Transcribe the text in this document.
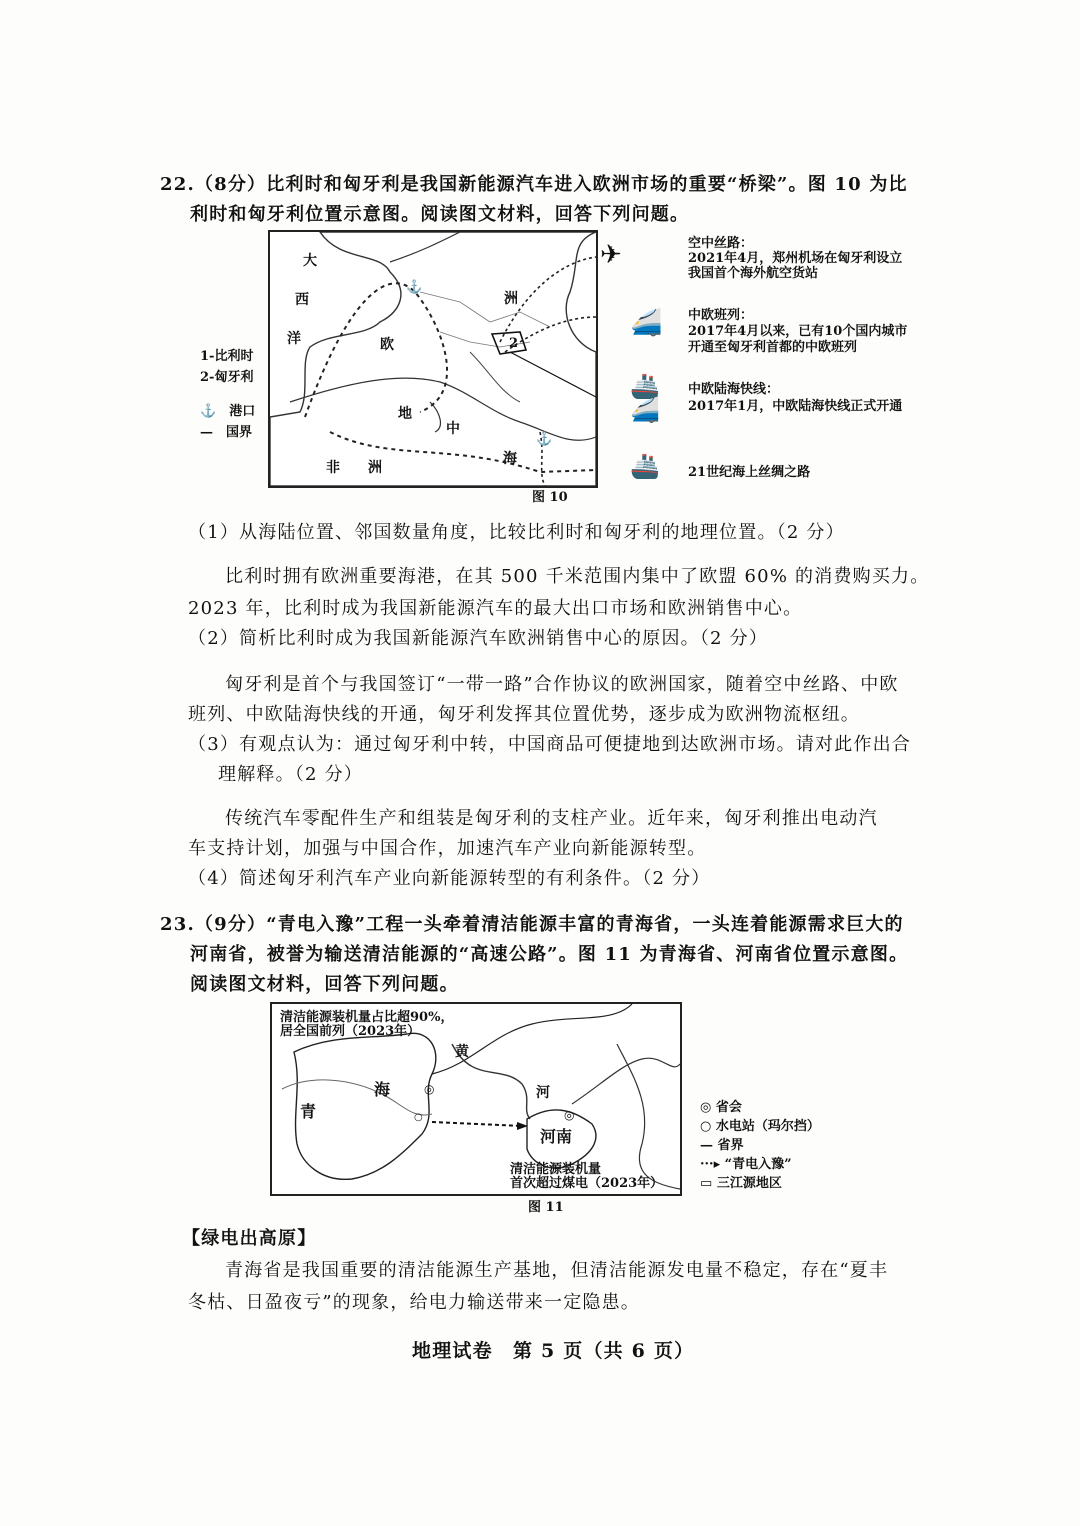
22.（8分）比利时和匈牙利是我国新能源汽车进入欧洲市场的重要“桥梁”。图 10 为比
利时和匈牙利位置示意图。阅读图文材料，回答下列问题。
大
西
洋	欧
洲
2
地
中
海
非 洲
⚓
⚓
1-比利时
2-匈牙利
⚓　港口
—　国界
✈	空中丝路：
2021年4月，郑州机场在匈牙利设立
我国首个海外航空货站
🚄 中欧班列：
2017年4月以来，已有10个国内城市
开通至匈牙利首都的中欧班列
🚢
🚄
中欧陆海快线：
2017年1月，中欧陆海快线正式开通
🚢 21世纪海上丝绸之路
图 10
（1）从海陆位置、邻国数量角度，比较比利时和匈牙利的地理位置。（2 分）
比利时拥有欧洲重要海港，在其 500 千米范围内集中了欧盟 60% 的消费购买力。
2023 年，比利时成为我国新能源汽车的最大出口市场和欧洲销售中心。
（2）简析比利时成为我国新能源汽车欧洲销售中心的原因。（2 分）
匈牙利是首个与我国签订“一带一路”合作协议的欧洲国家，随着空中丝路、中欧
班列、中欧陆海快线的开通，匈牙利发挥其位置优势，逐步成为欧洲物流枢纽。
（3）有观点认为：通过匈牙利中转，中国商品可便捷地到达欧洲市场。请对此作出合
理解释。（2 分）
传统汽车零配件生产和组装是匈牙利的支柱产业。近年来，匈牙利推出电动汽
车支持计划，加强与中国合作，加速汽车产业向新能源转型。
（4）简述匈牙利汽车产业向新能源转型的有利条件。（2 分）
23.（9分）“青电入豫”工程一头牵着清洁能源丰富的青海省，一头连着能源需求巨大的
河南省，被誉为输送清洁能源的“高速公路”。图 11 为青海省、河南省位置示意图。
阅读图文材料，回答下列问题。
清洁能源装机量占比超90%，
居全国前列（2023年）
青
海
黄
河
河南
◎
◎
○
清洁能源装机量
首次超过煤电（2023年）
◎ 省会
○ 水电站（玛尔挡）
— 省界
···▸ “青电入豫”
▭ 三江源地区
图 11
【绿电出高原】
青海省是我国重要的清洁能源生产基地，但清洁能源发电量不稳定，存在“夏丰
冬枯、日盈夜亏”的现象，给电力输送带来一定隐患。
地理试卷　第 5 页（共 6 页）
